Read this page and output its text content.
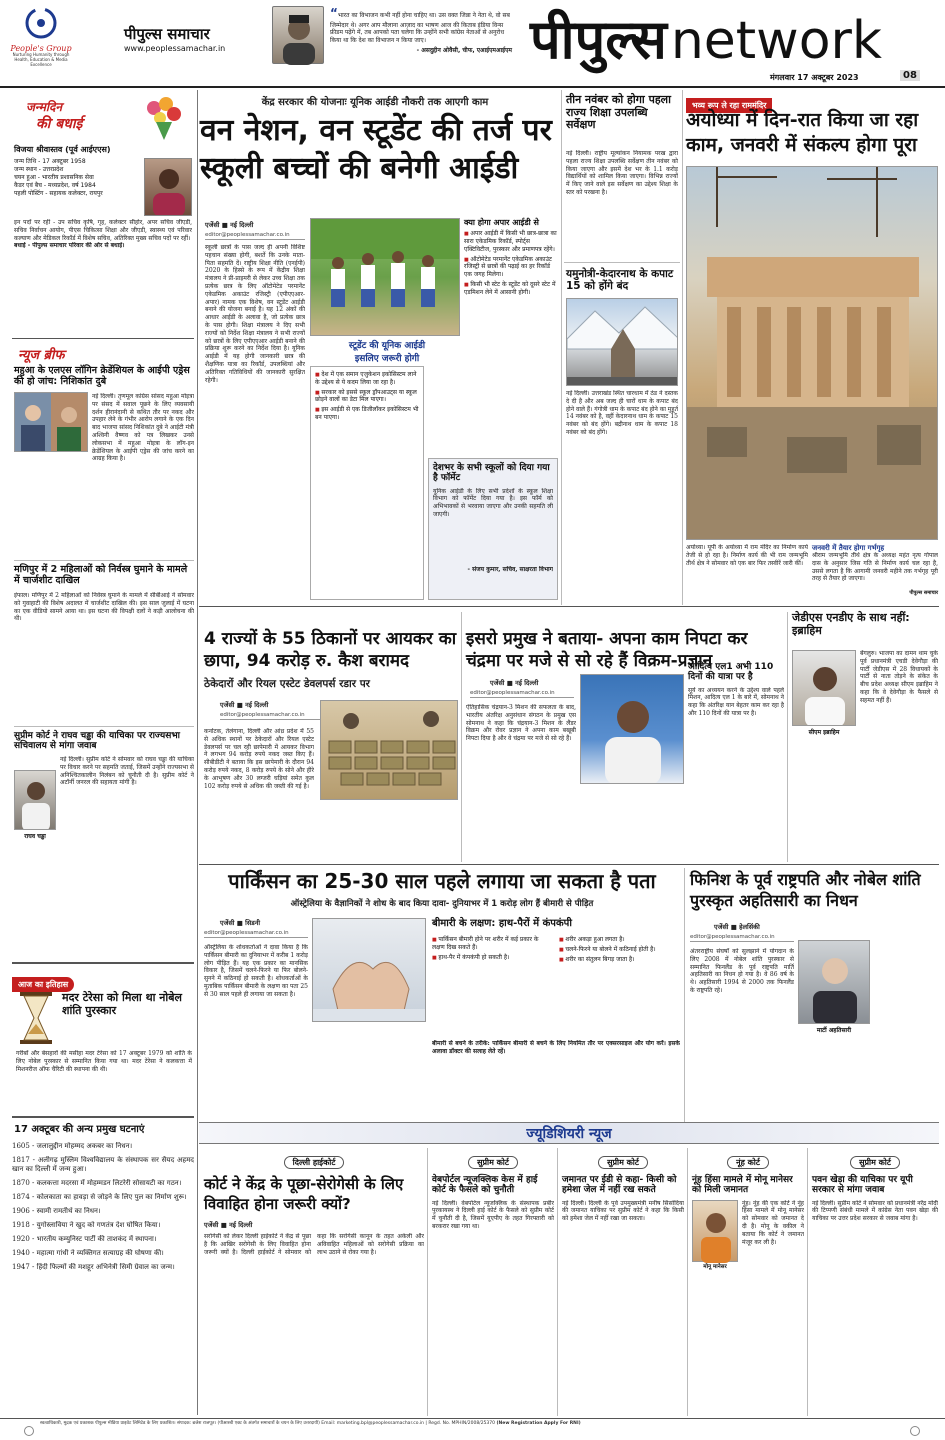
People's Group
Nurturing Humanity through Health, Education & Media Excellence
पीपुल्स समाचार
www.peoplessamachar.in
“भारत का विभाजन कभी नहीं होना चाहिए था। उस वक्त जिन्ना ने नेता थे, वो सब जिम्मेदार थे। अगर आप मौलाना आज़ाद का भाषण आज की किताब इंडिया विन्स फ्रीडम पढ़ेंगे में, तब आपको पता चलेगा कि उन्होंने सभी कांग्रेस नेताओं से अनुरोध किया था कि देश का विभाजन न किया जाए।
- असदुद्दीन ओवैसी, चीफ, एआईएमआईएम पीपुल्सnetwork
मंगलवार 17 अक्टूबर 2023	08
जन्मदिन
की बधाई
विजया श्रीवास्तव (पूर्व आईएएस)
जन्म तिथि - 17 अक्टूबर 1958
जन्म स्थान - उत्तरप्रदेश
चयन हुआ - भारतीय प्रशासनिक सेवा
कैडर एवं बैच - मध्यप्रदेश, वर्ष 1984
पहली पोस्टिंग - सहायक कलेक्टर, रायपुर
इन पदों पर रहीं - उप सचिव कृषि, गृह, कलेक्टर सीहोर, अपर सचिव जीएडी, सचिव निर्वाचन आयोग, पीएस चिकित्सा शिक्षा और जीएडी, स्वास्थ्य एवं परिवार कल्याण और मेडिकल रिकॉर्ड में विशेष सचिव, अतिरिक्त मुख्य सचिव पदों पर रहीं।
बधाई - पीपुल्स समाचार परिवार की ओर से बधाई।
न्यूज ब्रीफ
महुआ के एलएस लॉगिन क्रेडेंशियल के आईपी एड्रेस की हो जांच: निशिकांत दुबे
नई दिल्ली। तृणमूल कांग्रेस सांसद महुआ मोइत्रा पर संसद में सवाल पूछने के लिए व्यवसायी दर्शन हीरानंदानी से कथित तौर पर नकद और उपहार लेने के गंभीर आरोप लगाने के एक दिन बाद भाजपा सांसद निशिकांत दुबे ने आईटी मंत्री अश्विनी वैष्णव को पत्र लिखकर उनसे लोकसभा में महुआ मोइत्रा के लॉग-इन क्रेडेंशियल के आईपी एड्रेस की जांच करने का आग्रह किया है।
मणिपुर में 2 महिलाओं को निर्वस्त्र घुमाने के मामले में चार्जशीट दाखिल
इंफाल। मणिपुर में 2 महिलाओं को निर्वस्त्र घुमाने के मामले में सीबीआई ने सोमवार को गुवाहाटी की विशेष अदालत में चार्जशीट दाखिल की। इस साल जुलाई में घटना का एक वीडियो सामने आया था। इस घटना की विपक्षी दलों ने कड़ी आलोचना की थी।
सुप्रीम कोर्ट ने राघव चड्ढा की याचिका पर राज्यसभा सचिवालय से मांगा जवाब
नई दिल्ली। सुप्रीम कोर्ट ने सोमवार को राघव चड्ढा की याचिका पर विचार करने पर सहमति जताई, जिसमें उन्होंने राज्यसभा से अनिश्चितकालीन निलंबन को चुनौती दी है। सुप्रीम कोर्ट ने अटॉर्नी जनरल की सहायता मांगी है।
राघव चड्ढा
आज का इतिहास
मदर टेरेसा को मिला था नोबेल शांति पुरस्कार
गरीबों और बेसहारों की मसीहा मदर टेरेसा को 17 अक्टूबर 1979 को शांति के लिए नोबेल पुरस्कार से सम्मानित किया गया था। मदर टेरेसा ने कलकत्ता में मिशनरीज ऑफ चैरिटी की स्थापना की थी।
17 अक्टूबर की अन्य प्रमुख घटनाएं
1605 - जलालुद्दीन मोहम्मद अकबर का निधन।
1817 - अलीगढ़ मुस्लिम विश्वविद्यालय के संस्थापक सर सैयद अहमद खान का दिल्ली में जन्म हुआ।
1870 - कलकत्ता मदरसा में मोहम्मडन लिटरेरी सोसायटी का गठन।
1874 - कोलकाता का हावड़ा से जोड़ने के लिए पुल का निर्माण शुरू।
1906 - स्वामी रामतीर्थ का निधन।
1918 - युगोस्लाविया ने खुद को गणतंत्र देश घोषित किया।
1920 - भारतीय कम्युनिस्ट पार्टी की ताशकंद में स्थापना।
1940 - महात्मा गांधी ने व्यक्तिगत सत्याग्रह की घोषणा की।
1947 - हिंदी फिल्मों की मशहूर अभिनेत्री सिमी ग्रेवाल का जन्म।
केंद्र सरकार की योजनाः यूनिक आईडी नौकरी तक आएगी काम
वन नेशन, वन स्टूडेंट की तर्ज पर स्कूली बच्चों की बनेगी आईडी
एजेंसी ■ नई दिल्ली
editor@peoplessamachar.co.in
स्कूली छात्रों के पास जल्द ही अपनी विशिष्ट पहचान संख्या होगी, बशर्ते कि उनके माता-पिता सहमति दें। राष्ट्रीय शिक्षा नीति (एनईपी) 2020 के हिस्से के रूप में केंद्रीय शिक्षा मंत्रालय ने प्री-प्राइमरी से लेकर उच्च शिक्षा तक प्रत्येक छात्र के लिए ऑटोमेटेड परमानेंट एकेडमिक अकाउंट रजिस्ट्री (एपीएएआर-अपार) नामक एक विशेष, वन स्टूडेंट आईडी बनाने की योजना बनाई है। यह 12 अंकों की आधार आईडी के अलावा है, जो प्रत्येक छात्र के पास होगी। शिक्षा मंत्रालय ने दिए सभी राज्यों को निर्देश शिक्षा मंत्रालय ने सभी राज्यों को छात्रों के लिए एपीएएआर आईडी बनाने की प्रक्रिया शुरू करने का निर्देश दिया है। यूनिक आईडी में यह होगी जानकारी छात्र की शैक्षणिक यात्रा का रिकॉर्ड, उपलब्धियां और अतिरिक्त गतिविधियों की जानकारी सुरक्षित रहेगी।
स्टूडेंट की यूनिक आईडी
इसलिए जरूरी होगी
■ देश में एक समान एजुकेशन इकोसिस्टम लाने के उद्देश्य से ये कदम लिया जा रहा है।
■ सरकार को इससे स्कूल ड्रॉपआउट्स या स्कूल छोड़ने वालों का डेटा मिल पाएगा।
■ इस आईडी से एक डिजीलॉकर इकोसिस्टम भी बन पाएगा।
क्या होगा अपार आईडी से
■ अपार आईडी में किसी भी छात्र-छात्रा का सारा एकेडमिक रिकॉर्ड, स्पोर्ट्स एक्टिविटीज, पुरस्कार और प्रमाणपत्र रहेंगे।
■ ऑटोमेटेड परमानेंट एकेडमिक अकाउंट रजिस्ट्री से छात्रों की पढ़ाई का हर रिकॉर्ड एक जगह मिलेगा।
■ किसी भी स्टेट के स्टूडेंट को दूसरे स्टेट में एडमिशन लेने में आसानी होगी।
देशभर के सभी स्कूलों को दिया गया है फॉर्मेट
यूनिक आईडी के लिए सभी प्रदेशों के स्कूल शिक्षा विभाग को फॉर्मेट दिया गया है। इस फॉर्म को अभिभावकों से भरवाया जाएगा और उनकी सहमति ली जाएगी।
- संजय कुमार, सचिव, साक्षरता विभाग
तीन नवंबर को होगा पहला राज्य शिक्षा उपलब्धि सर्वेक्षण
नई दिल्ली। राष्ट्रीय मूल्यांकन नियामक परख द्वारा पहला राज्य शिक्षा उपलब्धि सर्वेक्षण तीन नवंबर को किया जाएगा और इसमें देश भर के 1.1 करोड़ विद्यार्थियों को शामिल किया जाएगा। विभिन्न राज्यों में किए जाने वाले इस सर्वेक्षण का उद्देश्य शिक्षा के स्तर को परखना है।
यमुनोत्री-केदारनाथ के कपाट 15 को होंगे बंद
नई दिल्ली। उत्तराखंड स्थित चारधाम में ठंड ने दस्तक दे दी है और अब जल्द ही चारों धाम के कपाट बंद होने वाले हैं। गंगोत्री धाम के कपाट बंद होने का मुहूर्त 14 नवंबर को है, वहीं केदारनाथ धाम के कपाट 15 नवंबर को बंद होंगे। बद्रीनाथ धाम के कपाट 18 नवंबर को बंद होंगे।
भव्य रूप ले रहा राममंदिर
अयोध्या में दिन-रात किया जा रहा काम, जनवरी में संकल्प होगा पूरा
अयोध्या। यूपी के अयोध्या में राम मंदिर का निर्माण कार्य तेजी से हो रहा है। निर्माण कार्य की भी राम जन्मभूमि तीर्थ क्षेत्र ने सोमवार को एक बार फिर तस्वीरें जारी कीं।
जनवरी में तैयार होगा गर्भगृह
श्रीराम जन्मभूमि तीर्थ क्षेत्र के अध्यक्ष महंत नृत्य गोपाल दास के अनुसार जिस गति से निर्माण कार्य चल रहा है, उससे लगता है कि आगामी जनवरी महीने तक गर्भगृह पूरी तरह से तैयार हो जाएगा।
पीपुल्स समाचार
4 राज्यों के 55 ठिकानों पर आयकर का छापा, 94 करोड़ रु. कैश बरामद
ठेकेदारों और रियल एस्टेट डेवलपर्स रडार पर
एजेंसी ■ नई दिल्ली
editor@peoplessamachar.co.in
कर्नाटक, तेलंगाना, दिल्ली और आंध्र प्रदेश में 55 से अधिक स्थानों पर ठेकेदारों और रियल एस्टेट डेवलपर्स पर चल रही छापेमारी में आयकर विभाग ने लगभग 94 करोड़ रुपये नकद जब्त किए हैं। सीबीडीटी ने बताया कि इस छापेमारी के दौरान 94 करोड़ रुपये नकद, 8 करोड़ रुपये के सोने और हीरे के आभूषण और 30 लग्जरी घड़ियां समेत कुल 102 करोड़ रुपये से अधिक की जब्ती की गई है।
इसरो प्रमुख ने बताया- अपना काम निपटा कर चंद्रमा पर मजे से सो रहे हैं विक्रम-प्रज्ञान
एजेंसी ■ नई दिल्ली
editor@peoplessamachar.co.in
ऐतिहासिक चंद्रयान-3 मिशन की सफलता के बाद, भारतीय अंतरिक्ष अनुसंधान संगठन के प्रमुख एस सोमनाथ ने कहा कि चंद्रयान-3 मिशन के लैंडर विक्रम और रोवर प्रज्ञान ने अपना काम बखूबी निपटा दिया है और वे चंद्रमा पर मजे से सो रहे हैं।
आदित्य एल1 अभी 110 दिनों की यात्रा पर है
सूर्य का अध्ययन करने के उद्देश्य वाले पहले मिशन, आदित्य एल 1 के बारे में, सोमनाथ ने कहा कि अंतरिक्ष यान बेहतर काम कर रहा है और 110 दिनों की यात्रा पर है।
जेडीएस एनडीए के साथ नहीं: इब्राहिम
सीएम इब्राहिम
बेंगलुरु। भाजपा का दामन थाम चुके पूर्व प्रधानमंत्री एचडी देवेगौड़ा की पार्टी जेडीएस में 28 विधायकों के पार्टी से नाता तोड़ने के संकेत के बीच प्रदेश अध्यक्ष सीएम इब्राहिम ने कहा कि वे देवेगौड़ा के फैसले से सहमत नहीं हैं।
पार्किंसन का 25-30 साल पहले लगाया जा सकता है पता
ऑस्ट्रेलिया के वैज्ञानिकों ने शोध के बाद किया दावा- दुनियाभर में 1 करोड़ लोग हैं बीमारी से पीड़ित
एजेंसी ■ सिडनी
editor@peoplessamachar.co.in
ऑस्ट्रेलिया के शोधकर्ताओं ने दावा किया है कि पार्किंसन बीमारी का दुनियाभर में करीब 1 करोड़ लोग पीड़ित हैं। यह एक प्रकार का मानसिक विकार है, जिसमें चलने-फिरने या फिर बोलने-सुनने में कठिनाई हो सकती है। शोधकर्ताओं के मुताबिक पार्किंसन बीमारी के लक्षण का पता 25 से 30 साल पहले ही लगाया जा सकता है।
बीमारी के लक्षण: हाथ-पैरों में कंपकंपी
■ पार्किंसन बीमारी होने पर शरीर में कई प्रकार के लक्षण दिख सकते हैं।
■ हाथ-पैर में कंपकंपी हो सकती है।
■ शरीर अकड़ा हुआ लगता है।
■ चलने-फिरने या बोलने में कठिनाई होती है।
■ शरीर का संतुलन बिगड़ जाता है।
बीमारी से बचने के तरीके: पार्किंसन बीमारी से बचने के लिए नियमित तौर पर एक्सरसाइज और योग करें। इसके अलावा डॉक्टर की सलाह लेते रहें।
फिनिश के पूर्व राष्ट्रपति और नोबेल शांति पुरस्कृत अहतिसारी का निधन
एजेंसी ■ हेलसिंकी
editor@peoplessamachar.co.in
अंतरराष्ट्रीय संघर्षों को सुलझाने में योगदान के लिए 2008 में नोबेल शांति पुरस्कार से सम्मानित फिनलैंड के पूर्व राष्ट्रपति मार्ति अहतिसारी का निधन हो गया है। वे 86 वर्ष के थे। अहतिसारी 1994 से 2000 तक फिनलैंड के राष्ट्रपति रहे।
मार्टी अहतिसारी
ज्यूडिशियरी न्यूज
दिल्ली हाईकोर्ट
कोर्ट ने केंद्र के पूछा-सेरोगेसी के लिए विवाहित होना जरूरी क्यों?
एजेंसी ■ नई दिल्ली
सरोगेसी को लेकर दिल्ली हाईकोर्ट ने केंद्र से पूछा है कि आखिर सरोगेसी के लिए विवाहित होना जरूरी क्यों है। दिल्ली हाईकोर्ट ने सोमवार को कहा कि सरोगेसी कानून के तहत अकेली और अविवाहित महिलाओं को सरोगेसी प्रक्रिया का लाभ उठाने से रोका गया है।
सुप्रीम कोर्ट
वेबपोर्टल न्यूजक्लिक केस में हाई कोर्ट के फैसले को चुनौती
नई दिल्ली। वेबपोर्टल न्यूजक्लिक के संस्थापक प्रबीर पुरकायस्थ ने दिल्ली हाई कोर्ट के फैसले को सुप्रीम कोर्ट में चुनौती दी है, जिसमें यूएपीए के तहत गिरफ्तारी को बरकरार रखा गया था।
सुप्रीम कोर्ट
जमानत पर ईडी से कहा- किसी को हमेशा जेल में नहीं रख सकते
नई दिल्ली। दिल्ली के पूर्व उपमुख्यमंत्री मनीष सिसोदिया की जमानत याचिका पर सुप्रीम कोर्ट ने कहा कि किसी को हमेशा जेल में नहीं रखा जा सकता।
नूंह कोर्ट
नूंह हिंसा मामले में मोनू मानेसर को मिली जमानत
मोनू मानेसर
नूंह। नूंह की एक कोर्ट ने नूंह हिंसा मामले में मोनू मानेसर को सोमवार को जमानत दे दी है। मोनू के वकील ने बताया कि कोर्ट ने जमानत मंजूर कर ली है।
सुप्रीम कोर्ट
पवन खेड़ा की याचिका पर यूपी सरकार से मांगा जवाब
नई दिल्ली। सुप्रीम कोर्ट ने सोमवार को प्रधानमंत्री नरेंद्र मोदी की टिप्पणी संबंधी मामले में कांग्रेस नेता पवन खेड़ा की याचिका पर उत्तर प्रदेश सरकार से जवाब मांगा है।
स्वत्वाधिकारी, मुद्रक एवं प्रकाशक पीपुल्स मीडिया प्राइवेट लिमिटेड के लिए प्रकाशित। संपादक: ब्रजेश राजपूत। (पीआरबी एक्ट के अंतर्गत समाचारों के चयन के लिए उत्तरदायी) Email: marketing.bpl@peoplessamachar.co.in | Regd. No. MPHIN/2008/25370 (New Registration Apply For RNI)
